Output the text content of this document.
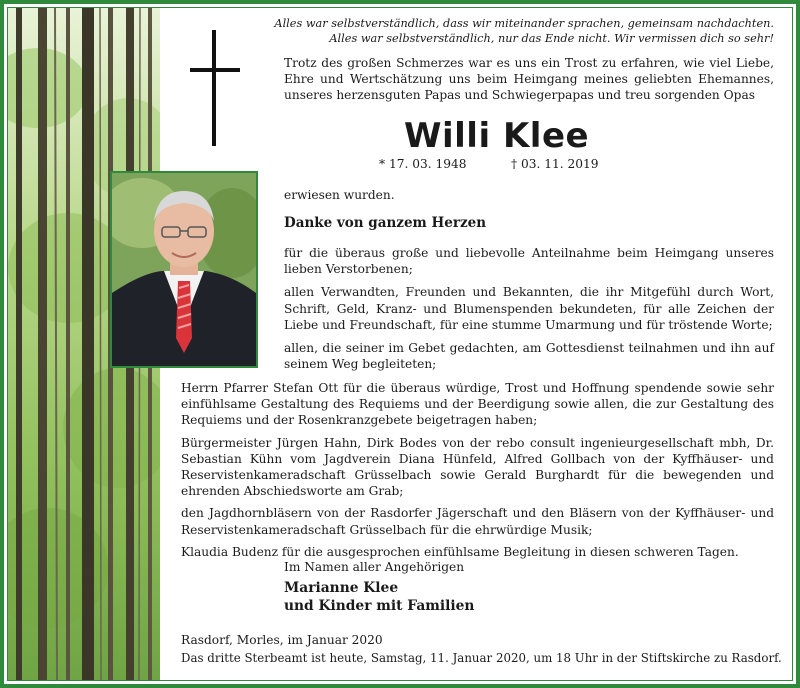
Alles war selbstverständlich, dass wir miteinander sprachen, gemeinsam nachdachten.
Alles war selbstverständlich, nur das Ende nicht. Wir vermissen dich so sehr!
Trotz des großen Schmerzes war es uns ein Trost zu erfahren, wie viel Liebe, Ehre und Wertschätzung uns beim Heimgang meines geliebten Ehemannes, unseres herzensguten Papas und Schwiegerpapas und treu sorgenden Opas
Willi Klee
* 17. 03. 1948	† 03. 11. 2019
erwiesen wurden.
Danke von ganzem Herzen

für die überaus große und liebevolle Anteilnahme beim Heimgang unseres lieben Verstorbenen;

allen Verwandten, Freunden und Bekannten, die ihr Mitgefühl durch Wort, Schrift, Geld, Kranz- und Blumenspenden bekundeten, für alle Zeichen der Liebe und Freundschaft, für eine stumme Umarmung und für tröstende Worte;

allen, die seiner im Gebet gedachten, am Gottesdienst teilnahmen und ihn auf seinem Weg begleiteten;

Herrn Pfarrer Stefan Ott für die überaus würdige, Trost und Hoffnung spendende sowie sehr einfühlsame Gestaltung des Requiems und der Beerdigung sowie allen, die zur Gestaltung des Requiems und der Rosenkranzgebete beigetragen haben;

Bürgermeister Jürgen Hahn, Dirk Bodes von der rebo consult ingenieurgesellschaft mbh, Dr. Sebastian Kühn vom Jagdverein Diana Hünfeld, Alfred Gollbach von der Kyffhäuser- und Reservistenkameradschaft Grüsselbach sowie Gerald Burghardt für die bewegenden und ehrenden Abschiedsworte am Grab;

den Jagdhornbläsern von der Rasdorfer Jägerschaft und den Bläsern von der Kyffhäuser- und Reservistenkameradschaft Grüsselbach für die ehrwürdige Musik;

Klaudia Budenz für die ausgesprochen einfühlsame Begleitung in diesen schweren Tagen.

Im Namen aller Angehörigen
Marianne Klee
und Kinder mit Familien
Rasdorf, Morles, im Januar 2020
Das dritte Sterbeamt ist heute, Samstag, 11. Januar 2020, um 18 Uhr in der Stiftskirche zu Rasdorf.
